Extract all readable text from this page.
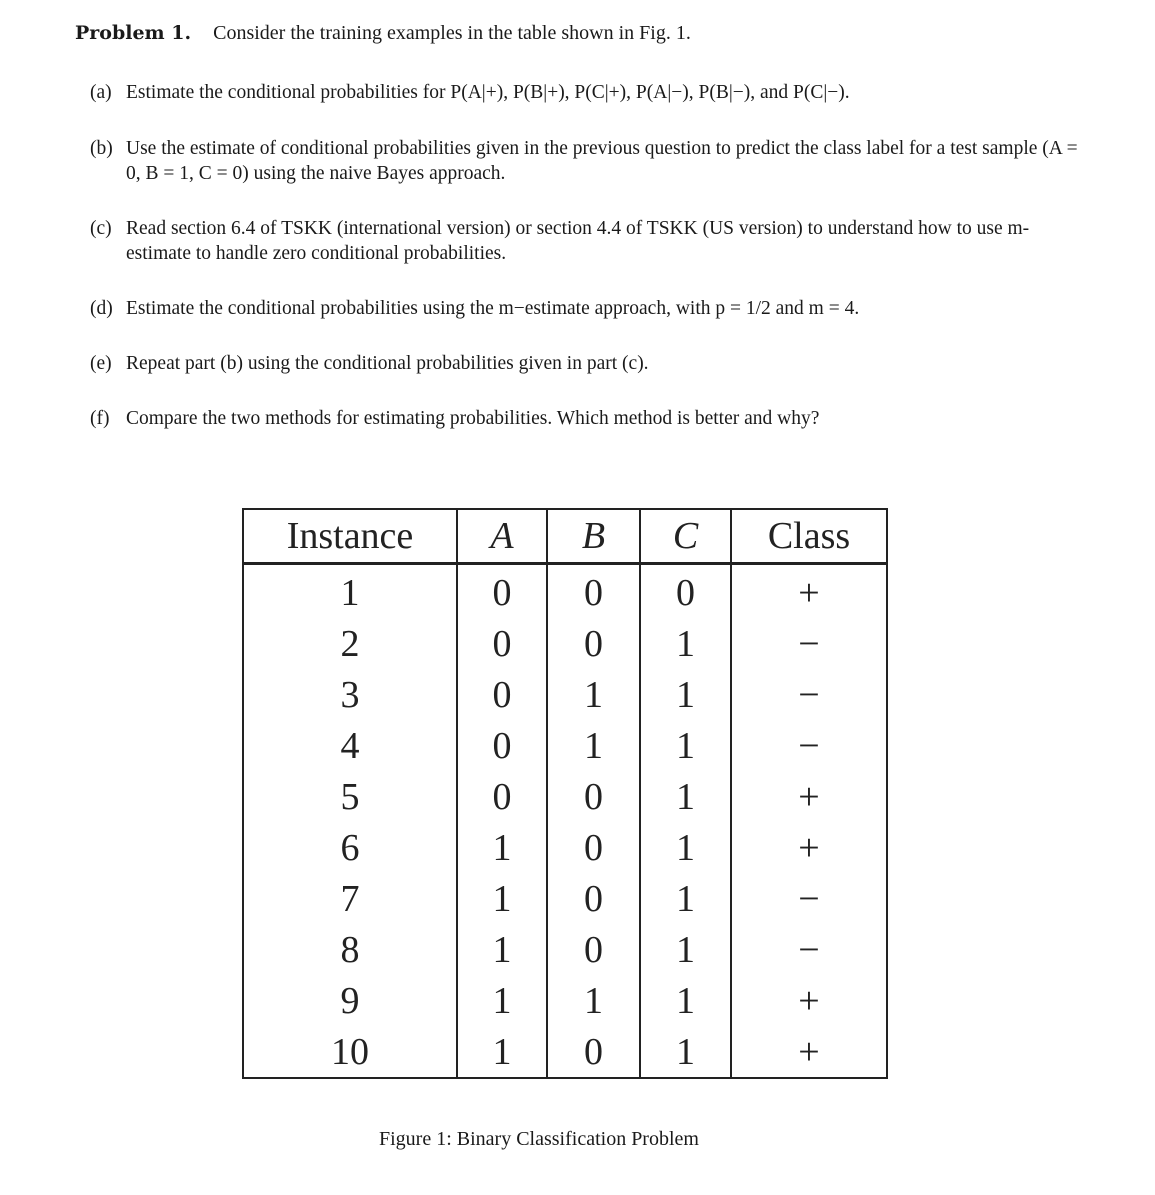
Problem 1. Consider the training examples in the table shown in Fig. 1.
(a) Estimate the conditional probabilities for P(A|+), P(B|+), P(C|+), P(A|−), P(B|−), and P(C|−).
(b) Use the estimate of conditional probabilities given in the previous question to predict the class label for a test sample (A = 0, B = 1, C = 0) using the naive Bayes approach.
(c) Read section 6.4 of TSKK (international version) or section 4.4 of TSKK (US version) to understand how to use m-estimate to handle zero conditional probabilities.
(d) Estimate the conditional probabilities using the m−estimate approach, with p = 1/2 and m = 4.
(e) Repeat part (b) using the conditional probabilities given in part (c).
(f) Compare the two methods for estimating probabilities. Which method is better and why?
Instance	A	B	C	Class
1	0	0	0	+
2	0	0	1	−
3	0	1	1	−
4	0	1	1	−
5	0	0	1	+
6	1	0	1	+
7	1	0	1	−
8	1	0	1	−
9	1	1	1	+
10	1	0	1	+
Figure 1: Binary Classification Problem
